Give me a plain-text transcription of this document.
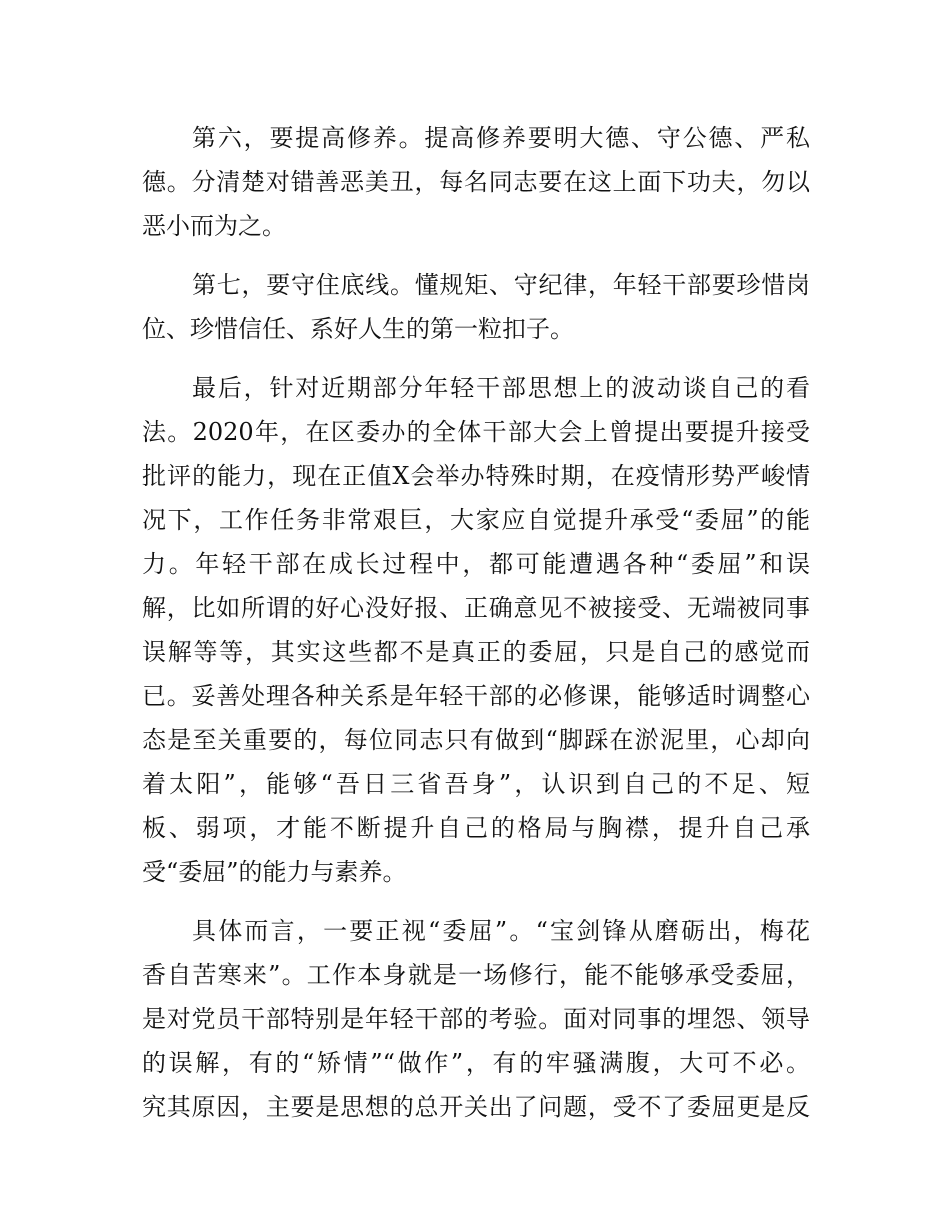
第六，要提高修养。提高修养要明大德、守公德、严私
德。分清楚对错善恶美丑，每名同志要在这上面下功夫，勿以
恶小而为之。

第七，要守住底线。懂规矩、守纪律，年轻干部要珍惜岗
位、珍惜信任、系好人生的第一粒扣子。

最后，针对近期部分年轻干部思想上的波动谈自己的看
法。2020年，在区委办的全体干部大会上曾提出要提升接受
批评的能力，现在正值X会举办特殊时期，在疫情形势严峻情
况下，工作任务非常艰巨，大家应自觉提升承受“委屈”的能
力。年轻干部在成长过程中，都可能遭遇各种“委屈”和误
解，比如所谓的好心没好报、正确意见不被接受、无端被同事
误解等等，其实这些都不是真正的委屈，只是自己的感觉而
已。妥善处理各种关系是年轻干部的必修课，能够适时调整心
态是至关重要的，每位同志只有做到“脚踩在淤泥里，心却向
着太阳”，能够“吾日三省吾身”，认识到自己的不足、短
板、弱项，才能不断提升自己的格局与胸襟，提升自己承
受“委屈”的能力与素养。

具体而言，一要正视“委屈”。“宝剑锋从磨砺出，梅花
香自苦寒来”。工作本身就是一场修行，能不能够承受委屈，
是对党员干部特别是年轻干部的考验。面对同事的埋怨、领导
的误解，有的“矫情”“做作”，有的牢骚满腹，大可不必。
究其原因，主要是思想的总开关出了问题，受不了委屈更是反
